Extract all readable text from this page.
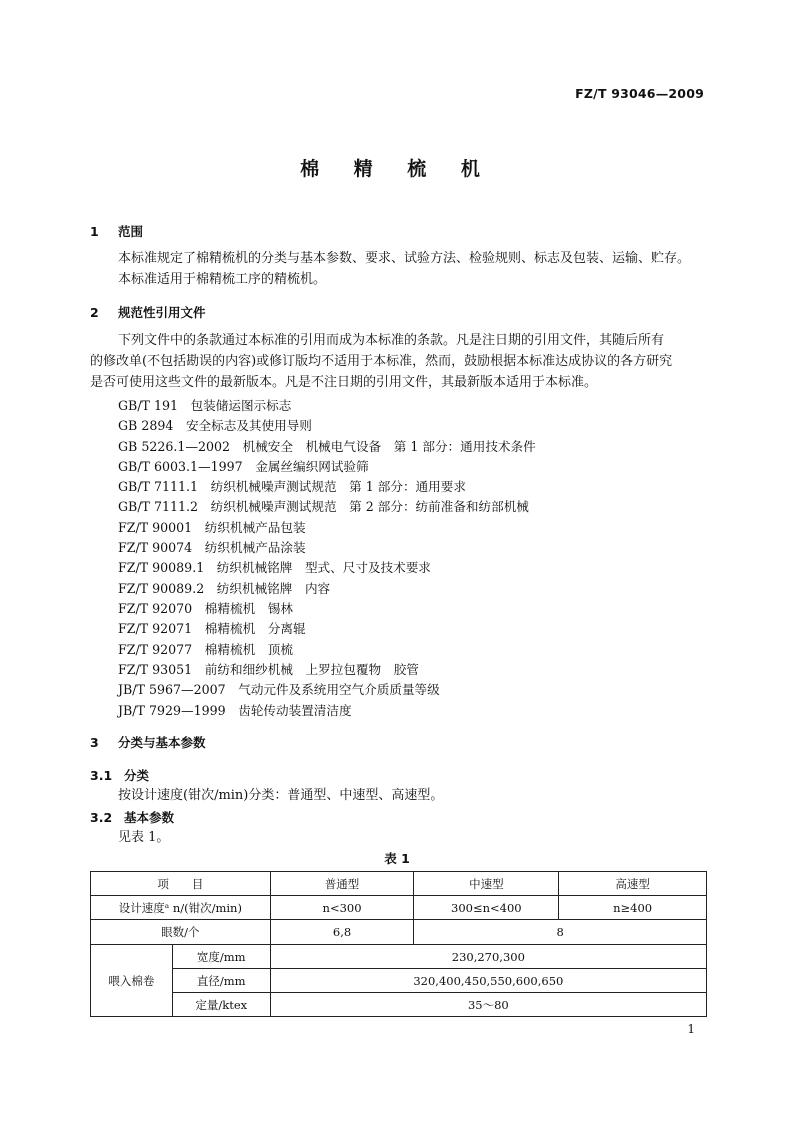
FZ/T 93046—2009
棉 精 梳 机
1 范围
本标准规定了棉精梳机的分类与基本参数、要求、试验方法、检验规则、标志及包装、运输、贮存。
本标准适用于棉精梳工序的精梳机。
2 规范性引用文件
下列文件中的条款通过本标准的引用而成为本标准的条款。凡是注日期的引用文件，其随后所有
的修改单(不包括勘误的内容)或修订版均不适用于本标准，然而，鼓励根据本标准达成协议的各方研究
是否可使用这些文件的最新版本。凡是不注日期的引用文件，其最新版本适用于本标准。
GB/T 191　包装储运图示标志
GB 2894　安全标志及其使用导则
GB 5226.1—2002　机械安全　机械电气设备　第 1 部分：通用技术条件
GB/T 6003.1—1997　金属丝编织网试验筛
GB/T 7111.1　纺织机械噪声测试规范　第 1 部分：通用要求
GB/T 7111.2　纺织机械噪声测试规范　第 2 部分：纺前准备和纺部机械
FZ/T 90001　纺织机械产品包装
FZ/T 90074　纺织机械产品涂装
FZ/T 90089.1　纺织机械铭牌　型式、尺寸及技术要求
FZ/T 90089.2　纺织机械铭牌　内容
FZ/T 92070　棉精梳机　锡林
FZ/T 92071　棉精梳机　分离辊
FZ/T 92077　棉精梳机　顶梳
FZ/T 93051　前纺和细纱机械　上罗拉包覆物　胶管
JB/T 5967—2007　气动元件及系统用空气介质质量等级
JB/T 7929—1999　齿轮传动装置清洁度
3 分类与基本参数
3.1 分类
按设计速度(钳次/min)分类：普通型、中速型、高速型。
3.2 基本参数
见表 1。
表 1
项　　目		普通型	中速型	高速型
设计速度ᵃ n/(钳次/min)		n<300	300≤n<400	n≥400
眼数/个		6,8	8	
喂入棉卷	宽度/mm	230,270,300		
	直径/mm	320,400,450,550,600,650		
	定量/ktex	35～80		
1
